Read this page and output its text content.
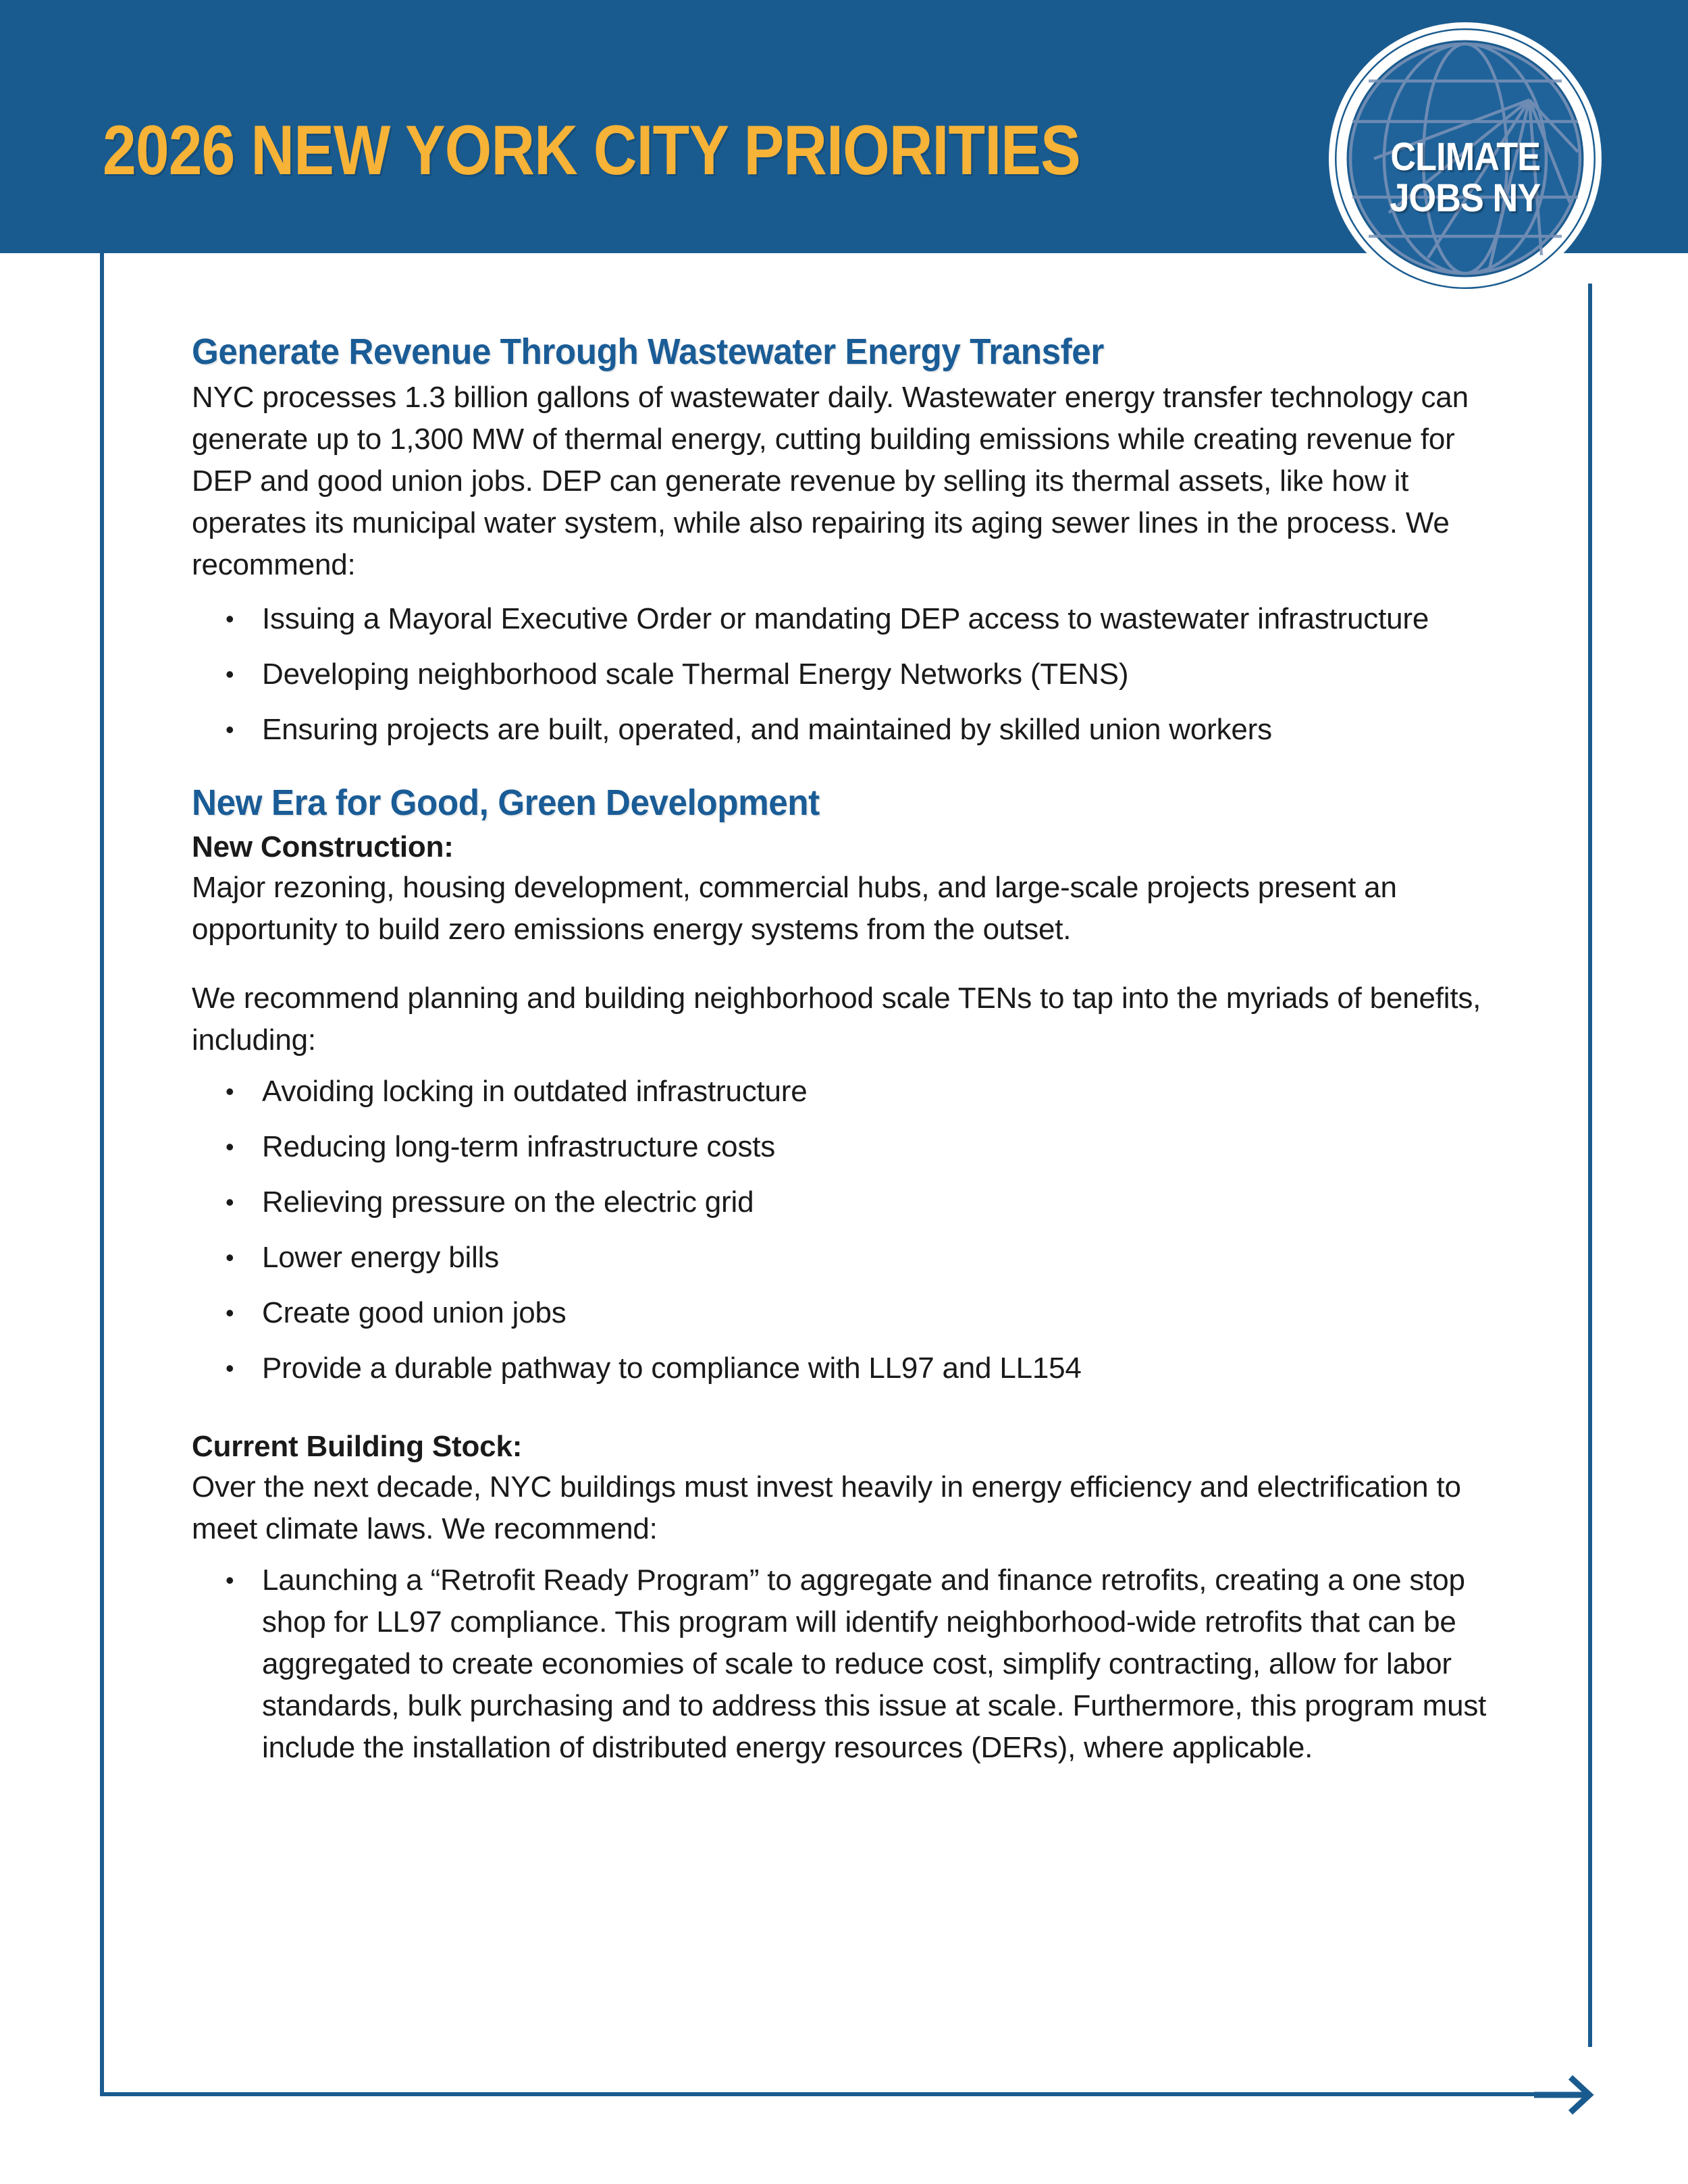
2026 NEW YORK CITY PRIORITIES	CLIMATE
JOBS NY
Generate Revenue Through Wastewater Energy Transfer

NYC processes 1.3 billion gallons of wastewater daily. Wastewater energy transfer technology can generate up to 1,300 MW of thermal energy, cutting building emissions while creating revenue for DEP and good union jobs. DEP can generate revenue by selling its thermal assets, like how it operates its municipal water system, while also repairing its aging sewer lines in the process. We recommend:

• Issuing a Mayoral Executive Order or mandating DEP access to wastewater infrastructure
• Developing neighborhood scale Thermal Energy Networks (TENS)
• Ensuring projects are built, operated, and maintained by skilled union workers
New Era for Good, Green Development

New Construction:

Major rezoning, housing development, commercial hubs, and large-scale projects present an opportunity to build zero emissions energy systems from the outset.

We recommend planning and building neighborhood scale TENs to tap into the myriads of benefits, including:

• Avoiding locking in outdated infrastructure
• Reducing long-term infrastructure costs
• Relieving pressure on the electric grid
• Lower energy bills
• Create good union jobs
• Provide a durable pathway to compliance with LL97 and LL154

Current Building Stock:

Over the next decade, NYC buildings must invest heavily in energy efficiency and electrification to meet climate laws. We recommend:

• Launching a “Retrofit Ready Program” to aggregate and finance retrofits, creating a one stop shop for LL97 compliance. This program will identify neighborhood-wide retrofits that can be aggregated to create economies of scale to reduce cost, simplify contracting, allow for labor standards, bulk purchasing and to address this issue at scale. Furthermore, this program must include the installation of distributed energy resources (DERs), where applicable.
